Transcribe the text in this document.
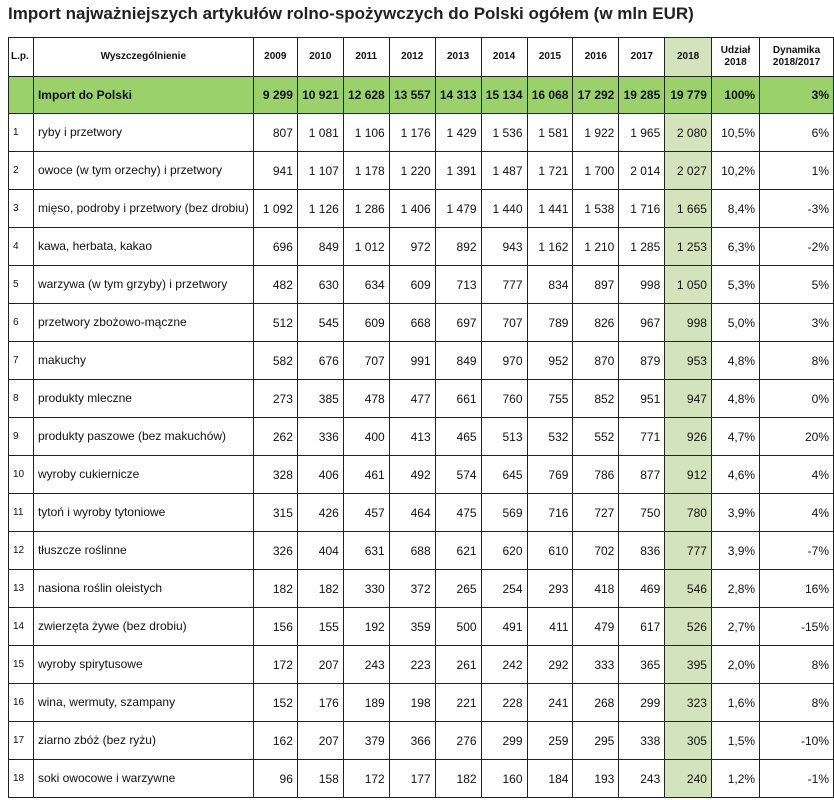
Import najważniejszych artykułów rolno-spożywczych do Polski ogółem (w mln EUR)
L.p.	Wyszczególnienie	2009	2010	2011	2012	2013	2014	2015	2016	2017	2018	Udział 2018	Dynamika 2018/2017
	Import do Polski	9 299	10 921	12 628	13 557	14 313	15 134	16 068	17 292	19 285	19 779	100%	3%
1	ryby i przetwory	807	1 081	1 106	1 176	1 429	1 536	1 581	1 922	1 965	2 080	10,5%	6%
2	owoce (w tym orzechy) i przetwory	941	1 107	1 178	1 220	1 391	1 487	1 721	1 700	2 014	2 027	10,2%	1%
3	mięso, podroby i przetwory (bez drobiu)	1 092	1 126	1 286	1 406	1 479	1 440	1 441	1 538	1 716	1 665	8,4%	-3%
4	kawa, herbata, kakao	696	849	1 012	972	892	943	1 162	1 210	1 285	1 253	6,3%	-2%
5	warzywa (w tym grzyby) i przetwory	482	630	634	609	713	777	834	897	998	1 050	5,3%	5%
6	przetwory zbożowo-mączne	512	545	609	668	697	707	789	826	967	998	5,0%	3%
7	makuchy	582	676	707	991	849	970	952	870	879	953	4,8%	8%
8	produkty mleczne	273	385	478	477	661	760	755	852	951	947	4,8%	0%
9	produkty paszowe (bez makuchów)	262	336	400	413	465	513	532	552	771	926	4,7%	20%
10	wyroby cukiernicze	328	406	461	492	574	645	769	786	877	912	4,6%	4%
11	tytoń i wyroby tytoniowe	315	426	457	464	475	569	716	727	750	780	3,9%	4%
12	tłuszcze roślinne	326	404	631	688	621	620	610	702	836	777	3,9%	-7%
13	nasiona roślin oleistych	182	182	330	372	265	254	293	418	469	546	2,8%	16%
14	zwierzęta żywe (bez drobiu)	156	155	192	359	500	491	411	479	617	526	2,7%	-15%
15	wyroby spirytusowe	172	207	243	223	261	242	292	333	365	395	2,0%	8%
16	wina, wermuty, szampany	152	176	189	198	221	228	241	268	299	323	1,6%	8%
17	ziarno zbóż (bez ryżu)	162	207	379	366	276	299	259	295	338	305	1,5%	-10%
18	soki owocowe i warzywne	96	158	172	177	182	160	184	193	243	240	1,2%	-1%
